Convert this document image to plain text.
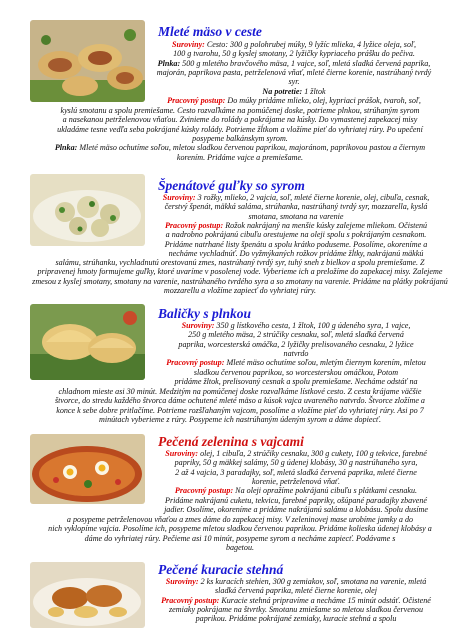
Mleté mäso v ceste
Suroviny: Cesto: 300 g polohrubej múky, 9 lyžíc mlieka, 4 lyžice oleja, soľ,
100 g tvarohu, 50 g kyslej smotany, 2 lyžičky kypriaceho prášku do pečiva.
Plnka: 500 g mletého bravčového mäsa, 1 vajce, soľ, mletá sladká červená paprika,
majorán, paprikova pasta, petrželenová vňať, mleté čierne korenie, nastrúhaný tvrdý
syr.
Na potretie: 1 žltok
Pracovný postup: Do múky pridáme mlieko, olej, kypriaci prášok, tvaroh, soľ,
kyslú smotanu a spolu premiešame. Cesto rozvaľkáme na pomúčenej doske, potrieme plnkou, strúhaným syrom
a nasekanou petrželenovou vňaťou. Zvinieme do rolády a pokrájame na kúsky. Do vymastenej zapekacej misy
ukladáme tesne vedľa seba pokrájané kúsky rolády. Potrieme žĺtkom a vložíme pieť do vyhriatej rúry. Po upečení
posypeme balkánskym syrom.
Plnka: Mleté mäso ochutíme soľou, mletou sladkou červenou paprikou, majoránom, paprikovou pastou a čiernym
korením. Pridáme vajce a premiešame.
Špenátové guľky so syrom
Suroviny: 3 rožky, mlieko, 2 vajcia, soľ, mleté čierne korenie, olej, cibuľa, cesnak,
čerstvý špenát, mäkká saláma, strúhanka, nastrúhaný tvrdý syr, mozzarella, kyslá
smotana, smotana na varenie
Pracovný postup: Rožok nakrájaný na menšie kúsky zalejeme mliekom. Očistenú
a nadrobno pokrájanú cibuľu orestujeme na oleji spolu s pokrájaným cesnakom.
Pridáme natrhané listy špenátu a spolu krátko poduseme. Posolíme, okoreníme a
necháme vychladnúť. Do vyžmýkaných rožkov pridáme žĺtky, nakrájanú mäkkú
salámu, strúhanku, vychladnutú orestovanú zmes, nastrúhaný tvrdý syr, tuhý sneh z bielkov a spolu premiešame. Z
pripravenej hmoty formujeme guľky, ktoré uvaríme v posolenej vode. Vyberieme ich a preložíme do zapekacej misy. Zalejeme
zmesou z kyslej smotany, smotany na varenie, nastrúhaného tvrdého syra a so zmotany na varenie. Pridáme na plátky pokrájanú
mozzarellu a vložíme zapiecť do vyhriatej rúry.
Baličky s plnkou
Suroviny: 350 g lístkového cesta, 1 žltok, 100 g údeného syra, 1 vajce,
250 g mletého mäsa, 2 strúčiky cesnaku, soľ, mletá sladká červená
paprika, worcesterská omáčka, 2 lyžičky prelisovaného cesnaku, 2 lyžice
natvrdo
Pracovný postup: Mleté mäso ochutíme soľou, mletým čiernym korením, mletou
sladkou červenou paprikou, so worcesterskou omáčkou, Potom
pridáme žltok, prelisovaný cesnak a spolu premiešame. Necháme odstáť na
chladnom mieste asi 30 minút. Medzitým na pomúčenej doske rozvaľkáme lístkové cesto. Z cesta krájame väčšie
štvorce, do stredu každého štvorca dáme ochutené mleté mäso a kúsok vajca uvareného natvrdo. Štvorce zložíme a
konce k sebe dobre pritlačíme. Potrieme rozšľahaným vajcom, posolíme a vložíme pieť do vyhriatej rúry. Asi po 7
minútach vyberieme z rúry. Posypeme ich nastrúhaným údeným syrom a dáme dopiecť.
Pečená zelenina s vajcami
Suroviny: olej, 1 cibuľa, 2 strúčiky cesnaku, 300 g cukety, 100 g tekvice, farebné
papriky, 50 g mäkkej salámy, 50 g údenej klobásy, 30 g nastrúhaného syra,
2 až 4 vajcia, 3 paradajky, soľ, mletá sladká červená paprika, mleté čierne
korenie, petrželenová vňať.
Pracovný postup: Na oleji opražíme pokrájanú cibuľu s plátkami cesnaku.
Pridáme nakrájanú cuketu, tekvicu, farebné papriky, ošúpané paradajky zbavené
jadier. Osolíme, okoreníme a pridáme nakrájanú salámu a klobásu. Spolu dusíme
a posypeme petrželenovou vňaťou a zmes dáme do zapekacej misy. V zeleninovej mase urobíme jamky a do
nich vyklopíme vajcia. Posolíme ich, posypeme mletou sladkou červenou paprikou. Pridáme kolieska údenej klobásy a
dáme do vyhriatej rúry. Pečieme asi 10 minút, posypeme syrom a necháme zapiecť. Podávame s
bagetou.
Pečené kuracie stehná
Suroviny: 2 ks kuracích stehien, 300 g zemiakov, soľ, smotana na varenie, mletá
sladká červená paprika, mleté čierne korenie, olej
Pracovný postup: Kuracie stehná pripravíme a necháme 15 minút odstáť. Očistené
zemiaky pokrájame na štvrtky. Smotanu zmiešame so mletou sladkou červenou
paprikou. Pridáme pokrájané zemiaky, kuracie stehná a spolu
